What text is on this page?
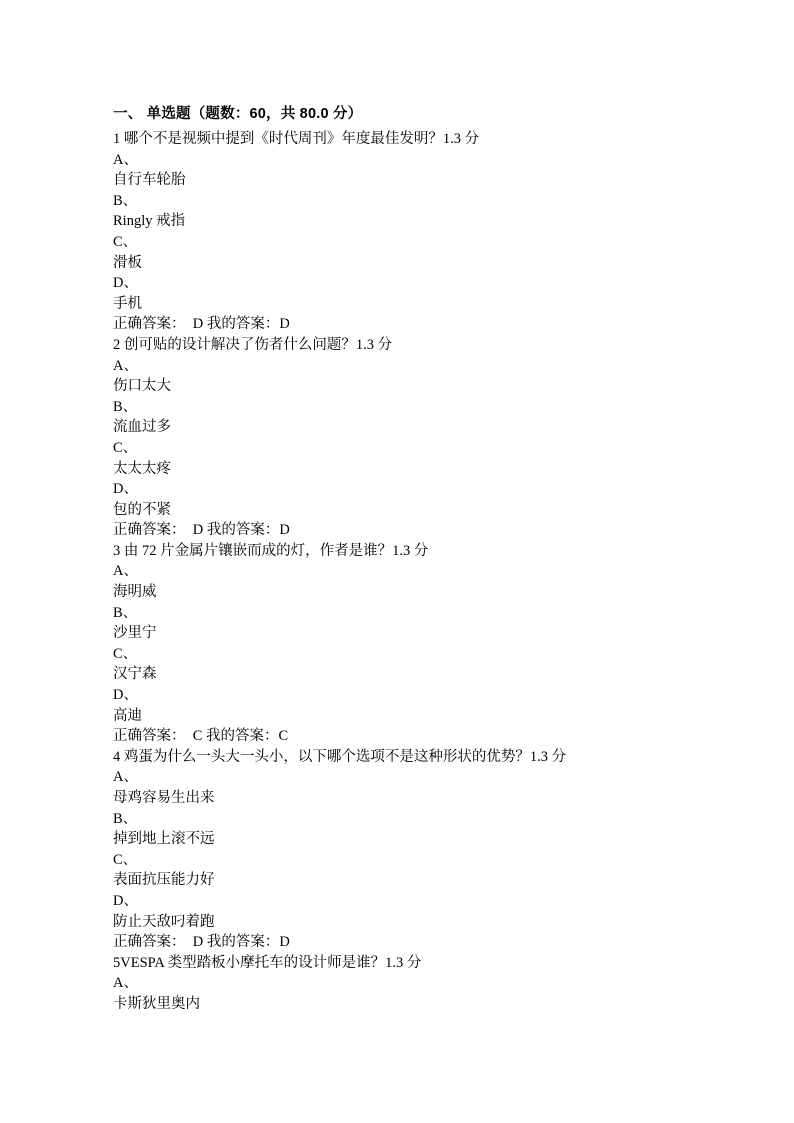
一、 单选题（题数：60，共 80.0 分）
1 哪个不是视频中提到《时代周刊》年度最佳发明？1.3 分
A、
自行车轮胎
B、
Ringly 戒指
C、
滑板
D、
手机
正确答案： D 我的答案：D
2 创可贴的设计解决了伤者什么问题？1.3 分
A、
伤口太大
B、
流血过多
C、
太太太疼
D、
包的不紧
正确答案： D 我的答案：D
3 由 72 片金属片镶嵌而成的灯，作者是谁？1.3 分
A、
海明威
B、
沙里宁
C、
汉宁森
D、
高迪
正确答案： C 我的答案：C
4 鸡蛋为什么一头大一头小，以下哪个选项不是这种形状的优势？1.3 分
A、
母鸡容易生出来
B、
掉到地上滚不远
C、
表面抗压能力好
D、
防止天敌叼着跑
正确答案： D 我的答案：D
5VESPA 类型踏板小摩托车的设计师是谁？1.3 分
A、
卡斯狄里奥内
